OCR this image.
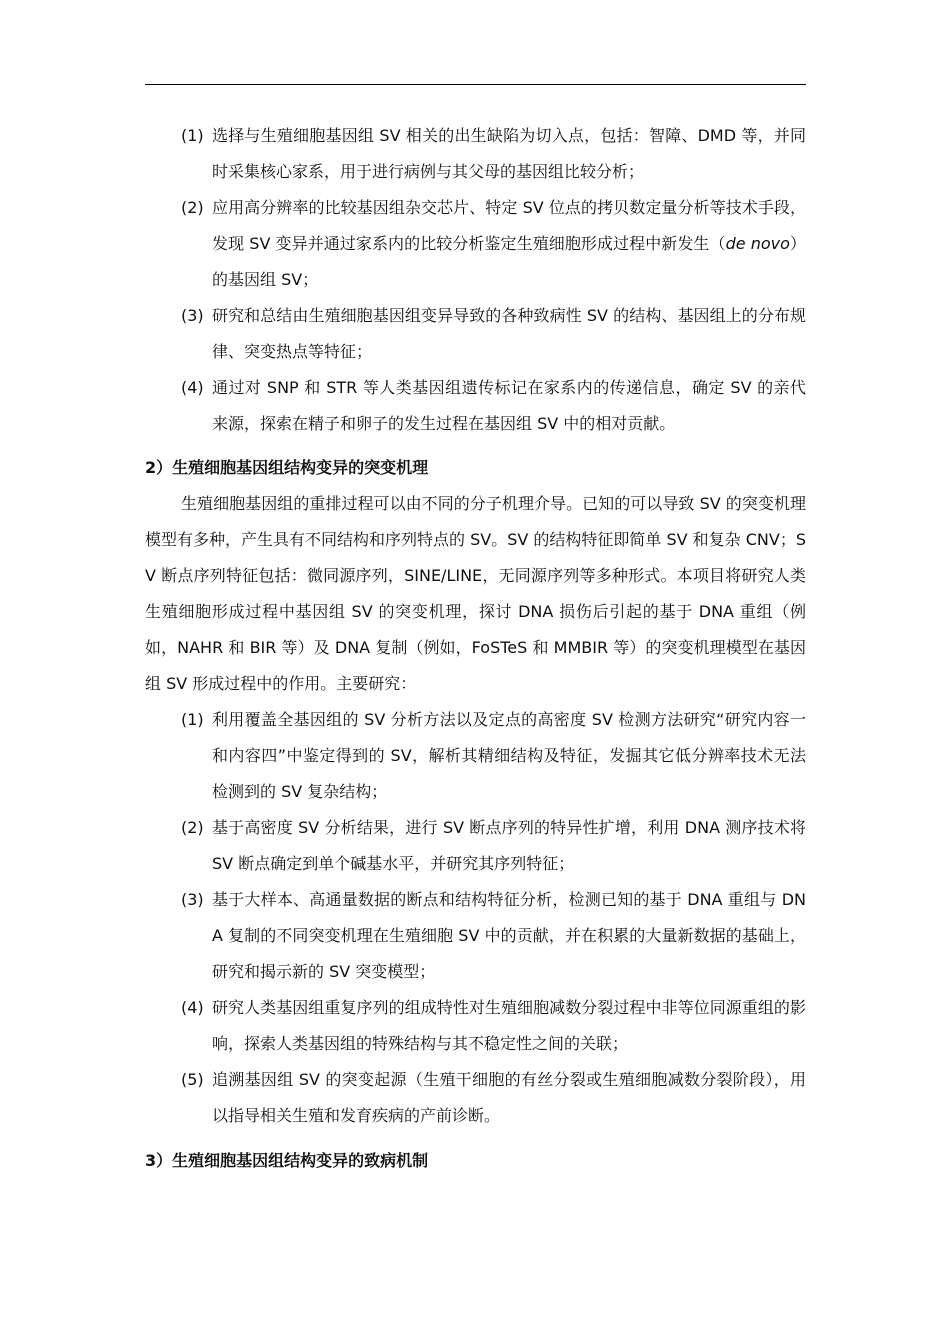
(1) 选择与生殖细胞基因组 SV 相关的出生缺陷为切入点，包括：智障、DMD 等，并同时采集核心家系，用于进行病例与其父母的基因组比较分析；
(2) 应用高分辨率的比较基因组杂交芯片、特定 SV 位点的拷贝数定量分析等技术手段，发现 SV 变异并通过家系内的比较分析鉴定生殖细胞形成过程中新发生（de novo）的基因组 SV；
(3) 研究和总结由生殖细胞基因组变异导致的各种致病性 SV 的结构、基因组上的分布规律、突变热点等特征；
(4) 通过对 SNP 和 STR 等人类基因组遗传标记在家系内的传递信息，确定 SV 的亲代来源，探索在精子和卵子的发生过程在基因组 SV 中的相对贡献。
2）生殖细胞基因组结构变异的突变机理
生殖细胞基因组的重排过程可以由不同的分子机理介导。已知的可以导致 SV 的突变机理模型有多种，产生具有不同结构和序列特点的 SV。SV 的结构特征即简单 SV 和复杂 CNV；SV 断点序列特征包括：微同源序列，SINE/LINE，无同源序列等多种形式。本项目将研究人类生殖细胞形成过程中基因组 SV 的突变机理，探讨 DNA 损伤后引起的基于 DNA 重组（例如，NAHR 和 BIR 等）及 DNA 复制（例如，FoSTeS 和 MMBIR 等）的突变机理模型在基因组 SV 形成过程中的作用。主要研究：
(1) 利用覆盖全基因组的 SV 分析方法以及定点的高密度 SV 检测方法研究“研究内容一和内容四”中鉴定得到的 SV，解析其精细结构及特征，发掘其它低分辨率技术无法检测到的 SV 复杂结构；
(2) 基于高密度 SV 分析结果，进行 SV 断点序列的特异性扩增，利用 DNA 测序技术将 SV 断点确定到单个碱基水平，并研究其序列特征；
(3) 基于大样本、高通量数据的断点和结构特征分析，检测已知的基于 DNA 重组与 DNA 复制的不同突变机理在生殖细胞 SV 中的贡献，并在积累的大量新数据的基础上，研究和揭示新的 SV 突变模型；
(4) 研究人类基因组重复序列的组成特性对生殖细胞减数分裂过程中非等位同源重组的影响，探索人类基因组的特殊结构与其不稳定性之间的关联；
(5) 追溯基因组 SV 的突变起源（生殖干细胞的有丝分裂或生殖细胞减数分裂阶段），用以指导相关生殖和发育疾病的产前诊断。
3）生殖细胞基因组结构变异的致病机制
